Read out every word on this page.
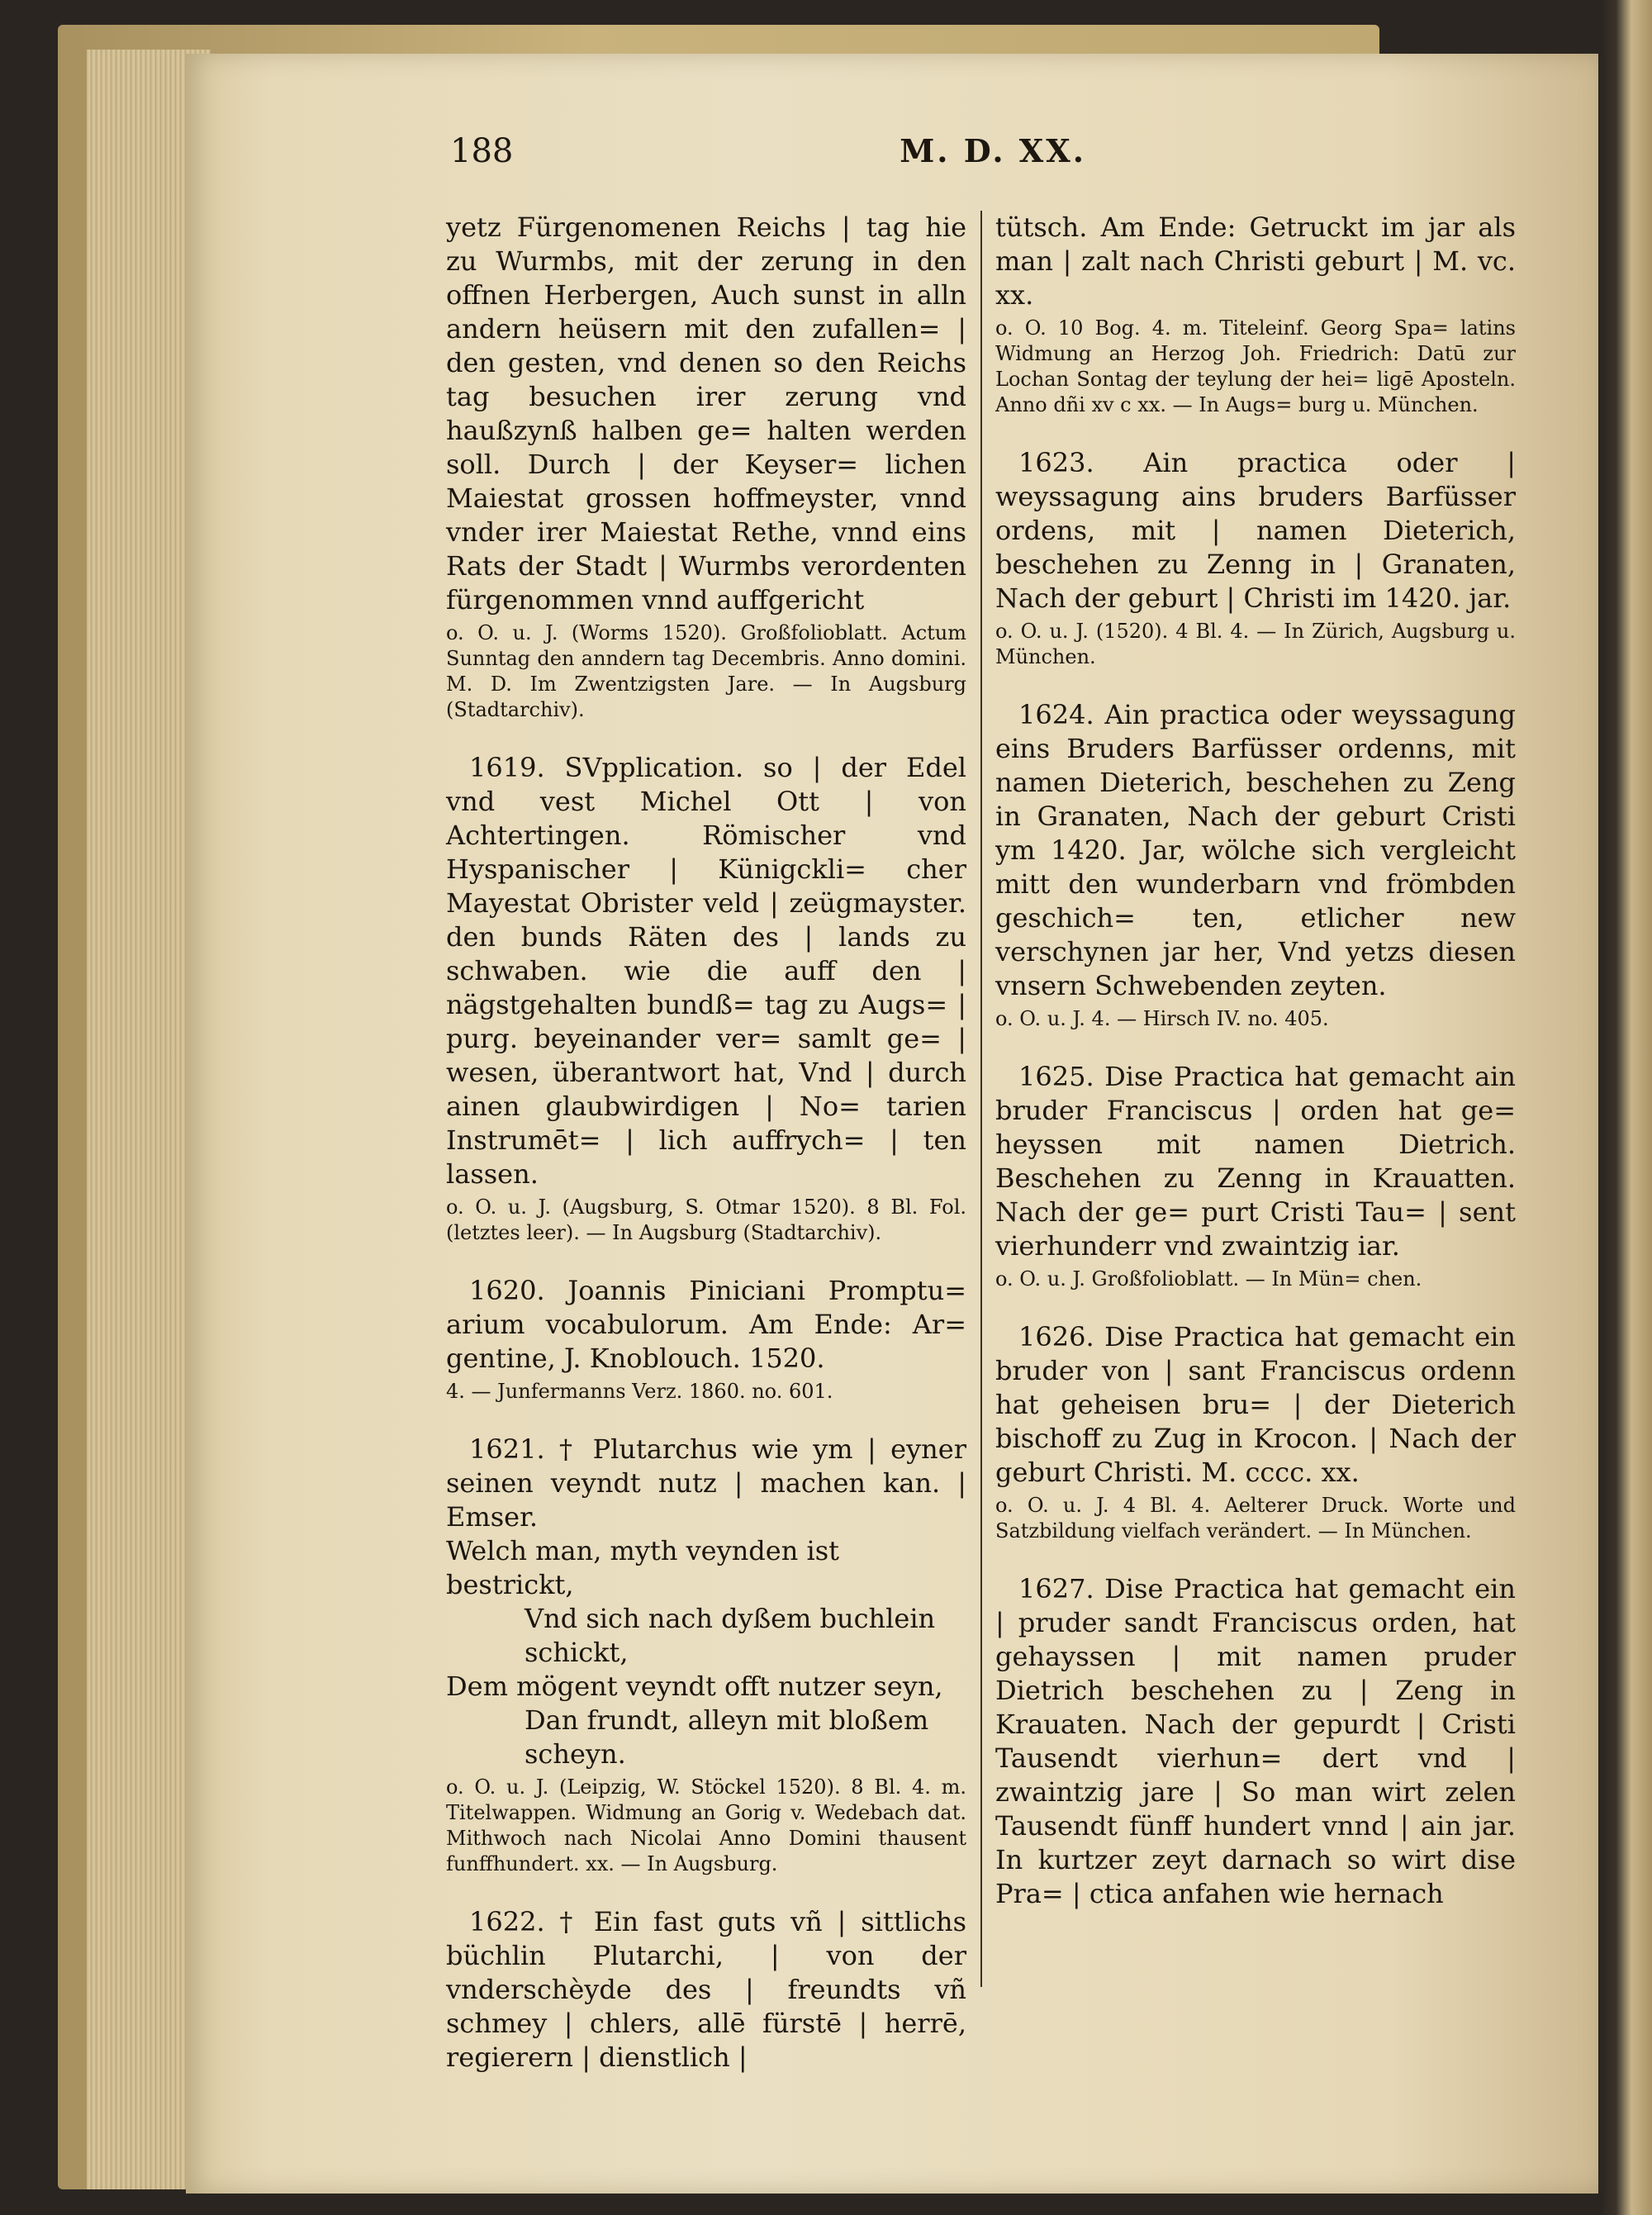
188	M. D. XX.

yetz Fürgenomenen Reichs | tag hie zu Wurmbs, mit der zerung in den offnen Herbergen, Auch sunst in alln andern heüsern mit den zufallen= | den gesten, vnd denen so den Reichs tag besuchen irer zerung vnd haußzynß halben ge= halten werden soll. Durch | der Keyser= lichen Maiestat grossen hoffmeyster, vnnd vnder irer Maiestat Rethe, vnnd eins Rats der Stadt | Wurmbs verordenten fürgenommen vnnd auffgericht

o. O. u. J. (Worms 1520). Großfolioblatt. Actum Sunntag den anndern tag Decembris. Anno domini. M. D. Im Zwentzigsten Jare. — In Augsburg (Stadtarchiv).

1619. SVpplication. so | der Edel vnd vest Michel Ott | von Achtertingen. Römischer vnd Hyspanischer | Künigckli= cher Mayestat Obrister veld | zeügmayster. den bunds Räten des | lands zu schwaben. wie die auff den | nägstgehalten bundß= tag zu Augs= | purg. beyeinander ver= samlt ge= | wesen, überantwort hat, Vnd | durch ainen glaubwirdigen | No= tarien Instrumēt= | lich auffrych= | ten lassen.

o. O. u. J. (Augsburg, S. Otmar 1520). 8 Bl. Fol. (letztes leer). — In Augsburg (Stadtarchiv).

1620. Joannis Piniciani Promptu= arium vocabulorum. Am Ende: Ar= gentine, J. Knoblouch. 1520.

4. — Junfermanns Verz. 1860. no. 601.

1621. † Plutarchus wie ym | eyner seinen veyndt nutz | machen kan. | Emser.

Welch man, myth veynden ist bestrickt,
Vnd sich nach dyßem buchlein schickt,
Dem mögent veyndt offt nutzer seyn,
Dan frundt, alleyn mit bloßem scheyn.

o. O. u. J. (Leipzig, W. Stöckel 1520). 8 Bl. 4. m. Titelwappen. Widmung an Gorig v. Wedebach dat. Mithwoch nach Nicolai Anno Domini thausent funffhundert. xx. — In Augsburg.

1622. † Ein fast guts vñ | sittlichs büchlin Plutarchi, | von der vnderschèyde des | freundts vñ schmey | chlers, allē fürstē | herrē, regierern | dienstlich |

tütsch. Am Ende: Getruckt im jar als man | zalt nach Christi geburt | M. vc. xx.

o. O. 10 Bog. 4. m. Titeleinf. Georg Spa= latins Widmung an Herzog Joh. Friedrich: Datū zur Lochan Sontag der teylung der hei= ligē Aposteln. Anno dñi xv c xx. — In Augs= burg u. München.

1623. Ain practica oder | weyssagung ains bruders Barfüsser ordens, mit | namen Dieterich, beschehen zu Zenng in | Granaten, Nach der geburt | Christi im 1420. jar.

o. O. u. J. (1520). 4 Bl. 4. — In Zürich, Augsburg u. München.

1624. Ain practica oder weyssagung eins Bruders Barfüsser ordenns, mit namen Dieterich, beschehen zu Zeng in Granaten, Nach der geburt Cristi ym 1420. Jar, wölche sich vergleicht mitt den wunderbarn vnd frömbden geschich= ten, etlicher new verschynen jar her, Vnd yetzs diesen vnsern Schwebenden zeyten.

o. O. u. J. 4. — Hirsch IV. no. 405.

1625. Dise Practica hat gemacht ain bruder Franciscus | orden hat ge= heyssen mit namen Dietrich. Beschehen zu Zenng in Krauatten. Nach der ge= purt Cristi Tau= | sent vierhunderr vnd zwaintzig iar.

o. O. u. J. Großfolioblatt. — In Mün= chen.

1626. Dise Practica hat gemacht ein bruder von | sant Franciscus ordenn hat geheisen bru= | der Dieterich bischoff zu Zug in Krocon. | Nach der geburt Christi. M. cccc. xx.

o. O. u. J. 4 Bl. 4. Aelterer Druck. Worte und Satzbildung vielfach verändert. — In München.

1627. Dise Practica hat gemacht ein | pruder sandt Franciscus orden, hat gehayssen | mit namen pruder Dietrich beschehen zu | Zeng in Krauaten. Nach der gepurdt | Cristi Tausendt vierhun= dert vnd | zwaintzig jare | So man wirt zelen Tausendt fünff hundert vnnd | ain jar. In kurtzer zeyt darnach so wirt dise Pra= | ctica anfahen wie hernach
